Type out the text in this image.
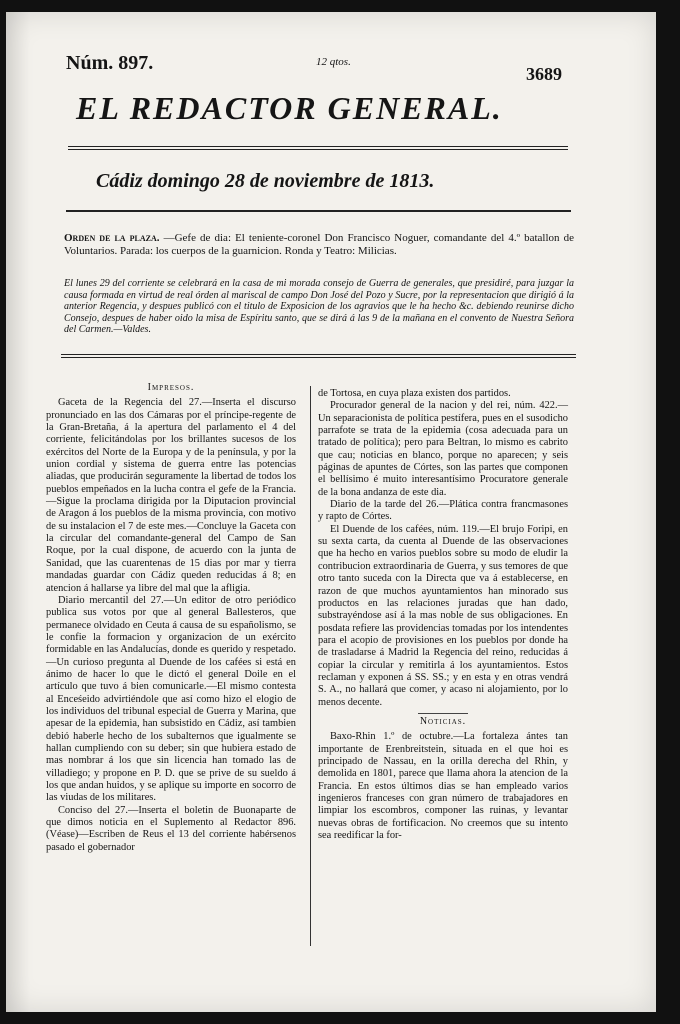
Núm. 897.	12 qtos.
3689
EL REDACTOR GENERAL.
Cádiz domingo 28 de noviembre de 1813.
Orden de la plaza. —Gefe de dia: El teniente-coronel Don Francisco Noguer, comandante del 4.º batallon de Voluntarios. Parada: los cuerpos de la guarnicion. Ronda y Teatro: Milicias.
El lunes 29 del corriente se celebrará en la casa de mi morada consejo de Guerra de generales, que presidiré, para juzgar la causa formada en virtud de real órden al mariscal de campo Don José del Pozo y Sucre, por la representacion que dirigió á la anterior Regencia, y despues publicó con el titulo de Exposicion de los agravios que le ha hecho &c. debiendo reunirse dicho Consejo, despues de haber oido la misa de Espíritu santo, que se dirá á las 9 de la mañana en el convento de Nuestra Señora del Carmen.—Valdes.
Impresos.

Gaceta de la Regencia del 27.—Inserta el discurso pronunciado en las dos Cámaras por el príncipe-regente de la Gran-Bretaña, á la apertura del parlamento el 4 del corriente, felicitándolas por los brillantes sucesos de los exércitos del Norte de la Europa y de la península, y por la union cordial y sistema de guerra entre las potencias aliadas, que producirán seguramente la libertad de todos los pueblos empeñados en la lucha contra el gefe de la Francia.—Sigue la proclama dirigida por la Diputacion provincial de Aragon á los pueblos de la misma provincia, con motivo de su instalacion el 7 de este mes.—Concluye la Gaceta con la circular del comandante-general del Campo de San Roque, por la cual dispone, de acuerdo con la junta de Sanidad, que las cuarentenas de 15 dias por mar y tierra mandadas guardar con Cádiz queden reducidas á 8; en atencion á hallarse ya libre del mal que la afligia.

Diario mercantil del 27.—Un editor de otro periódico publica sus votos por que al general Ballesteros, que permanece olvidado en Ceuta á causa de su españolismo, se le confie la formacion y organizacion de un exército formidable en las Andalucías, donde es querido y respetado.—Un curioso pregunta al Duende de los cafées si está en ánimo de hacer lo que le dictó el general Doile en el artículo que tuvo á bien comunicarle.—El mismo contesta al Enceśeido advirtiéndole que así como hizo el elogio de los individuos del tribunal especial de Guerra y Marina, que apesar de la epidemia, han subsistido en Cádiz, así tambien debió haberle hecho de los subalternos que igualmente se hallan cumpliendo con su deber; sin que hubiera estado de mas nombrar á los que sin licencia han tomado las de villadiego; y propone en P. D. que se prive de su sueldo á los que andan huidos, y se aplique su importe en socorro de las viudas de los militares.

Conciso del 27.—Inserta el boletin de Buonaparte de que dimos noticia en el Suplemento al Redactor 896. (Véase)—Escriben de Reus el 13 del corriente habérsenos pasado el gobernador

de Tortosa, en cuya plaza existen dos partidos.

Procurador general de la nacion y del rei, núm. 422.—Un separacionista de política pestífera, pues en el susodicho parrafote se trata de la epidemia (cosa adecuada para un tratado de política); pero para Beltran, lo mismo es cabrito que cau; noticias en blanco, porque no aparecen; y seis páginas de apuntes de Córtes, son las partes que componen el bellísimo é muito interesantísimo Procuratore generale de la bona andanza de este dia.

Diario de la tarde del 26.—Plática contra francmasones y rapto de Córtes.

El Duende de los cafées, núm. 119.—El brujo Foripi, en su sexta carta, da cuenta al Duende de las observaciones que ha hecho en varios pueblos sobre su modo de eludir la contribucion extraordinaria de Guerra, y sus temores de que otro tanto suceda con la Directa que va á establecerse, en razon de que muchos ayuntamientos han minorado sus productos en las relaciones juradas que han dado, substrayéndose así á la mas noble de sus obligaciones. En posdata refiere las providencias tomadas por los intendentes para el acopio de provisiones en los pueblos por donde ha de trasladarse á Madrid la Regencia del reino, reducidas á copiar la circular y remitirla á los ayuntamientos. Estos reclaman y exponen á SS. SS.; y en esta y en otras vendrá S. A., no hallará que comer, y acaso ni alojamiento, por lo menos decente.

Noticias.

Baxo-Rhin 1.º de octubre.—La fortaleza ántes tan importante de Erenbreitstein, situada en el que hoi es principado de Nassau, en la orilla derecha del Rhin, y demolida en 1801, parece que llama ahora la atencion de la Francia. En estos últimos dias se han empleado varios ingenieros franceses con gran número de trabajadores en limpiar los escombros, componer las ruinas, y levantar nuevas obras de fortificacion. No creemos que su intento sea reedificar la for-
